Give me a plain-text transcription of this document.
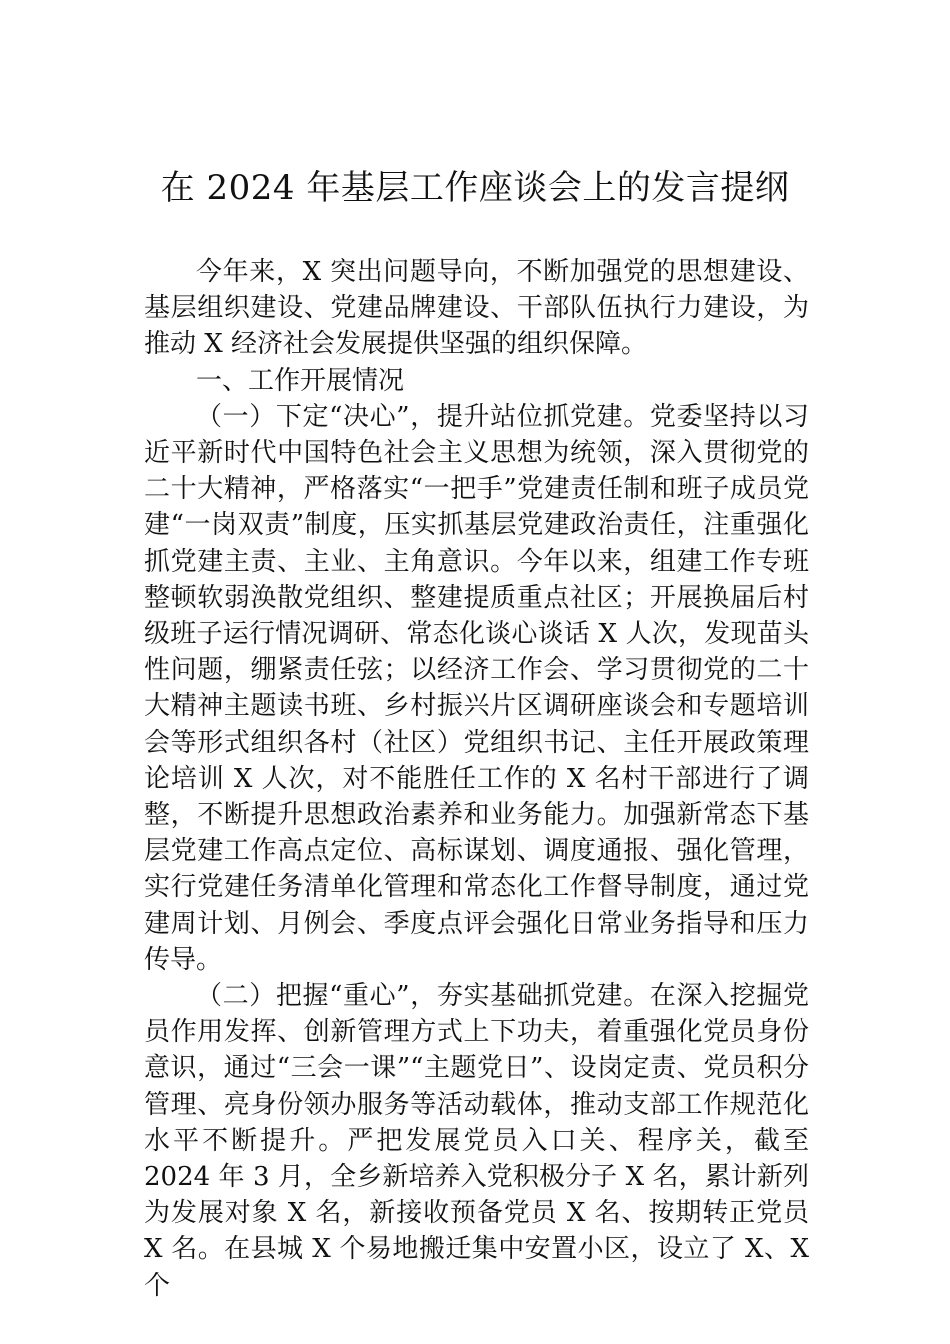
在 2024 年基层工作座谈会上的发言提纲

今年来，X 突出问题导向，不断加强党的思想建设、基层组织建设、党建品牌建设、干部队伍执行力建设，为推动 X 经济社会发展提供坚强的组织保障。

一、工作开展情况

（一）下定“决心”，提升站位抓党建。党委坚持以习近平新时代中国特色社会主义思想为统领，深入贯彻党的二十大精神，严格落实“一把手”党建责任制和班子成员党建“一岗双责”制度，压实抓基层党建政治责任，注重强化抓党建主责、主业、主角意识。今年以来，组建工作专班整顿软弱涣散党组织、整建提质重点社区；开展换届后村级班子运行情况调研、常态化谈心谈话 X 人次，发现苗头性问题，绷紧责任弦；以经济工作会、学习贯彻党的二十大精神主题读书班、乡村振兴片区调研座谈会和专题培训会等形式组织各村（社区）党组织书记、主任开展政策理论培训 X 人次，对不能胜任工作的 X 名村干部进行了调整，不断提升思想政治素养和业务能力。加强新常态下基层党建工作高点定位、高标谋划、调度通报、强化管理，实行党建任务清单化管理和常态化工作督导制度，通过党建周计划、月例会、季度点评会强化日常业务指导和压力传导。

（二）把握“重心”，夯实基础抓党建。在深入挖掘党员作用发挥、创新管理方式上下功夫，着重强化党员身份意识，通过“三会一课”“主题党日”、设岗定责、党员积分管理、亮身份领办服务等活动载体，推动支部工作规范化水平不断提升。严把发展党员入口关、程序关，截至 2024 年 3 月，全乡新培养入党积极分子 X 名，累计新列为发展对象 X 名，新接收预备党员 X 名、按期转正党员 X 名。在县城 X 个易地搬迁集中安置小区，设立了 X、X 个
